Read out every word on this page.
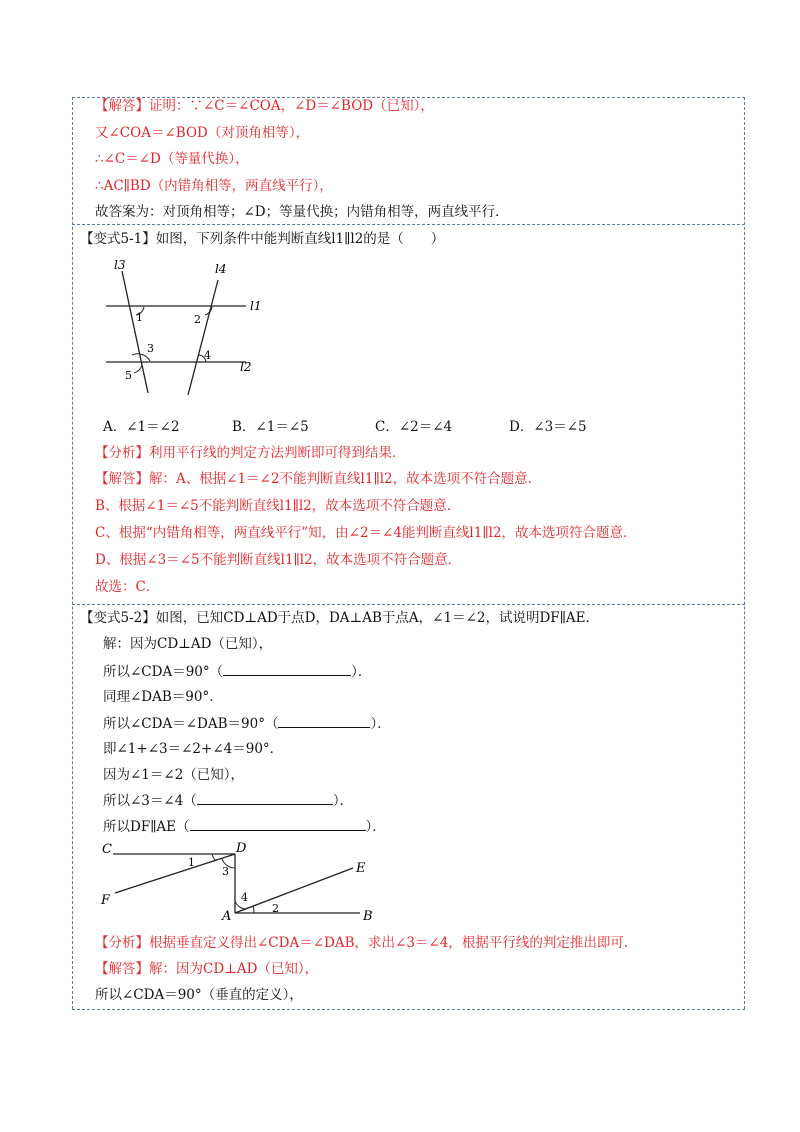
【解答】证明：∵∠C＝∠COA，∠D＝∠BOD（已知），
又∠COA＝∠BOD（对顶角相等），
∴∠C＝∠D（等量代换），
∴AC∥BD（内错角相等，两直线平行），
故答案为：对顶角相等；∠D；等量代换；内错角相等，两直线平行．
【变式5-1】如图，下列条件中能判断直线l1∥l2的是（　　）
l3	l4
l1
l2
1	2
3
4
5
A．∠1＝∠2	B．∠1＝∠5	C．∠2＝∠4	D．∠3＝∠5
【分析】利用平行线的判定方法判断即可得到结果．
【解答】解：A、根据∠1＝∠2不能判断直线l1∥l2，故本选项不符合题意．
B、根据∠1＝∠5不能判断直线l1∥l2，故本选项不符合题意．
C、根据“内错角相等，两直线平行”知，由∠2＝∠4能判断直线l1∥l2，故本选项符合题意．
D、根据∠3＝∠5不能判断直线l1∥l2，故本选项不符合题意．
故选：C．
【变式5-2】如图，已知CD⊥AD于点D，DA⊥AB于点A，∠1＝∠2，试说明DF∥AE．
解：因为CD⊥AD（已知），
所以∠CDA＝90°（	）．
同理∠DAB＝90°．
所以∠CDA＝∠DAB＝90°（	）．
即∠1+∠3＝∠2+∠4＝90°．
因为∠1＝∠2（已知），
所以∠3＝∠4（	）．
所以DF∥AE（	）．
C	D
E
F
A	B
1
2
3
4
【分析】根据垂直定义得出∠CDA＝∠DAB，求出∠3＝∠4，根据平行线的判定推出即可．
【解答】解：因为CD⊥AD（已知），
所以∠CDA＝90°（垂直的定义），
